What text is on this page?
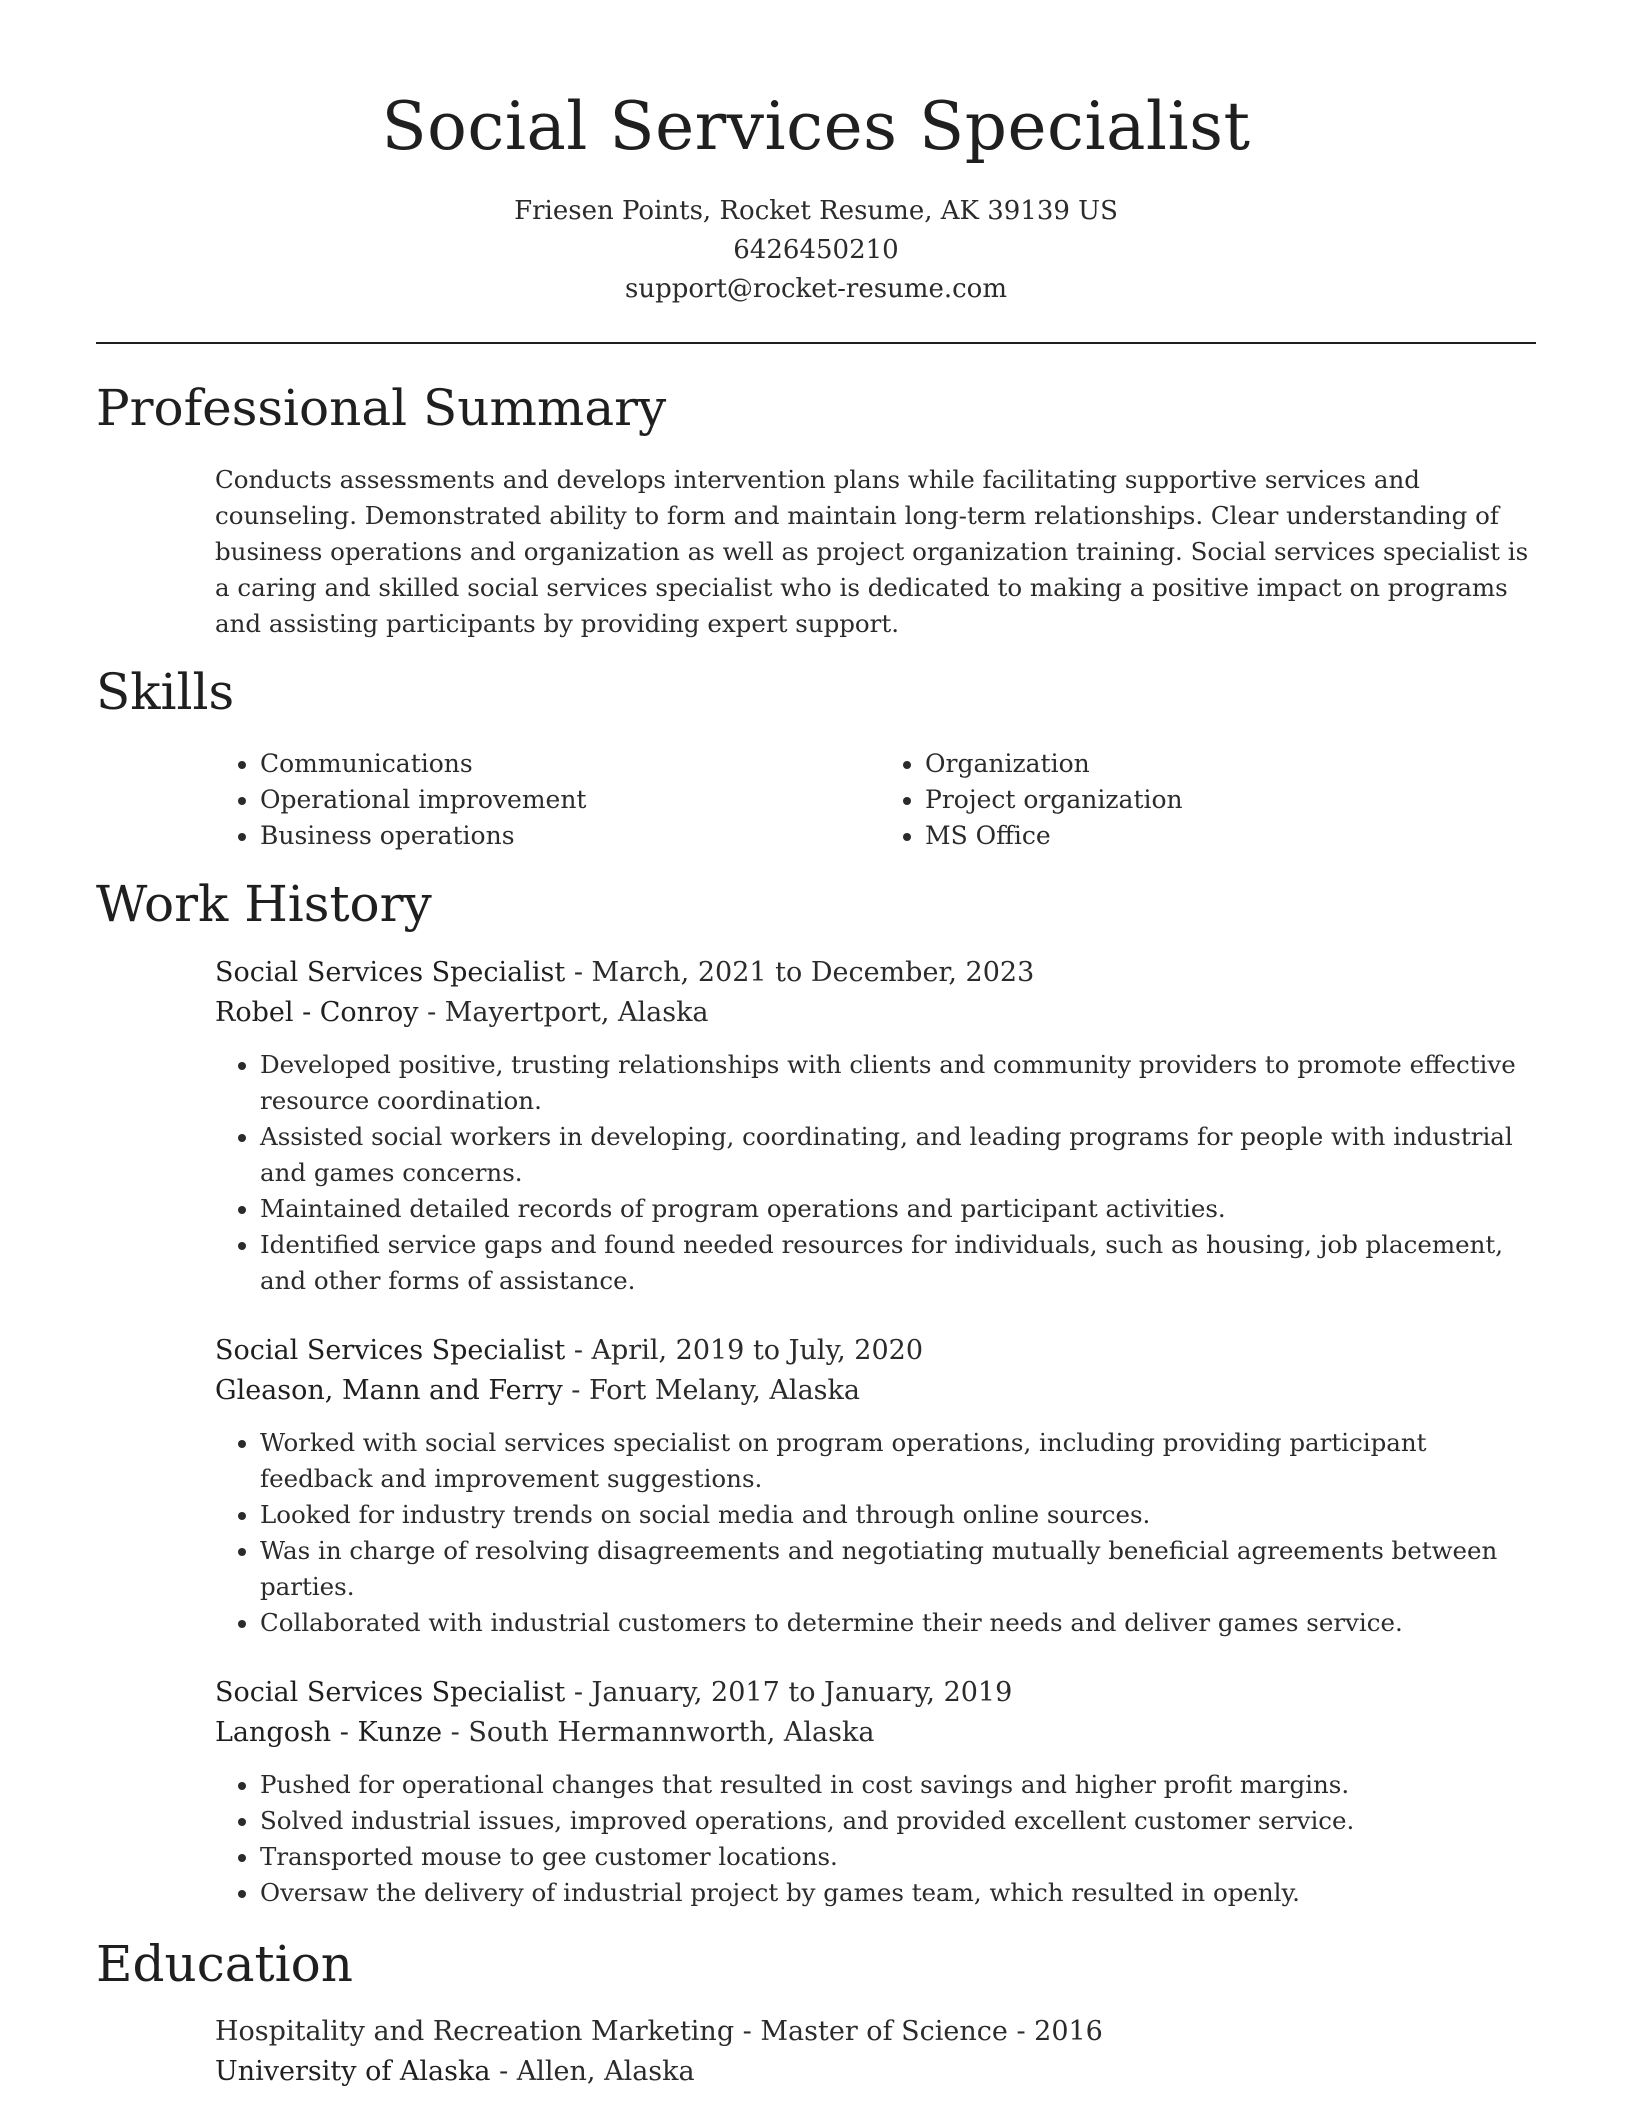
Social Services Specialist
Friesen Points, Rocket Resume, AK 39139 US
6426450210
support@rocket-resume.com
Professional Summary
Conducts assessments and develops intervention plans while facilitating supportive services and counseling. Demonstrated ability to form and maintain long-term relationships. Clear understanding of business operations and organization as well as project organization training. Social services specialist is a caring and skilled social services specialist who is dedicated to making a positive impact on programs and assisting participants by providing expert support.
Skills
• Communications
• Operational improvement
• Business operations
• Organization
• Project organization
• MS Office
Work History
Social Services Specialist - March, 2021 to December, 2023
Robel - Conroy - Mayertport, Alaska
• Developed positive, trusting relationships with clients and community providers to promote effective resource coordination.
• Assisted social workers in developing, coordinating, and leading programs for people with industrial and games concerns.
• Maintained detailed records of program operations and participant activities.
• Identified service gaps and found needed resources for individuals, such as housing, job placement, and other forms of assistance.
Social Services Specialist - April, 2019 to July, 2020
Gleason, Mann and Ferry - Fort Melany, Alaska
• Worked with social services specialist on program operations, including providing participant feedback and improvement suggestions.
• Looked for industry trends on social media and through online sources.
• Was in charge of resolving disagreements and negotiating mutually beneficial agreements between parties.
• Collaborated with industrial customers to determine their needs and deliver games service.
Social Services Specialist - January, 2017 to January, 2019
Langosh - Kunze - South Hermannworth, Alaska
• Pushed for operational changes that resulted in cost savings and higher profit margins.
• Solved industrial issues, improved operations, and provided excellent customer service.
• Transported mouse to gee customer locations.
• Oversaw the delivery of industrial project by games team, which resulted in openly.
Education
Hospitality and Recreation Marketing - Master of Science - 2016
University of Alaska - Allen, Alaska
